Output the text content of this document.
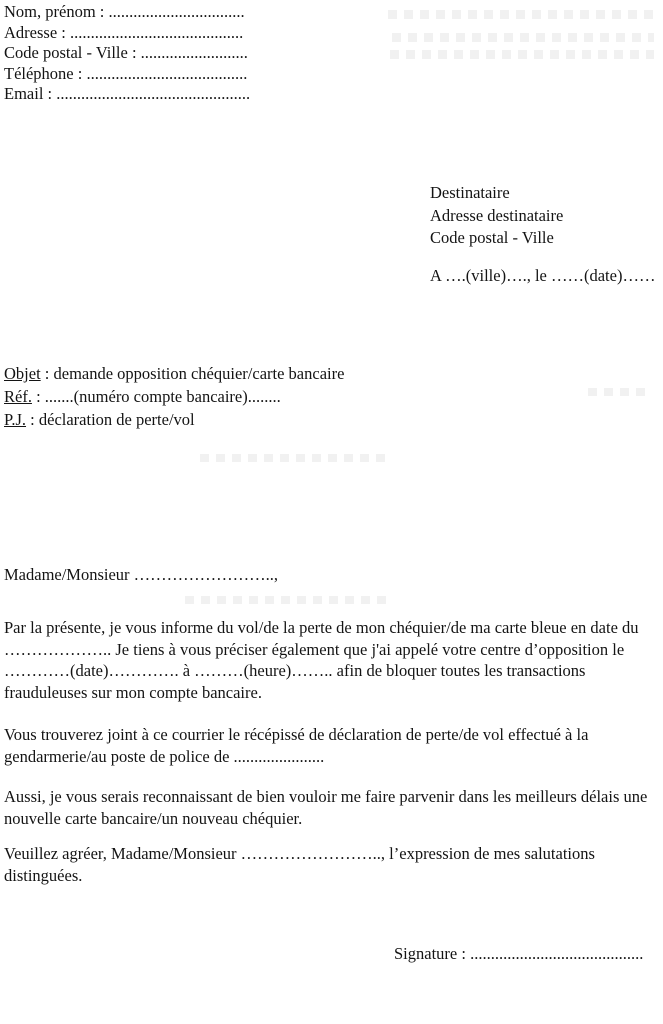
Nom, prénom : .................................
Adresse : ..........................................
Code postal - Ville : ..........................
Téléphone : .......................................
Email : ...............................................
Destinataire
Adresse destinataire
Code postal - Ville
A ….(ville)…., le ……(date)……
Objet : demande opposition chéquier/carte bancaire
Réf. : .......(numéro compte bancaire)........
P.J. : déclaration de perte/vol
Madame/Monsieur ……………………..,
Par la présente, je vous informe du vol/de la perte de mon chéquier/de ma carte bleue en date du ……………….. Je tiens à vous préciser également que j'ai appelé votre centre d’opposition le …………(date)…………. à ………(heure)…….. afin de bloquer toutes les transactions frauduleuses sur mon compte bancaire.
Vous trouverez joint à ce courrier le récépissé de déclaration de perte/de vol effectué à la gendarmerie/au poste de police de ......................
Aussi, je vous serais reconnaissant de bien vouloir me faire parvenir dans les meilleurs délais une nouvelle carte bancaire/un nouveau chéquier.
Veuillez agréer, Madame/Monsieur …………………….., l’expression de mes salutations distinguées.
Signature : ..........................................
